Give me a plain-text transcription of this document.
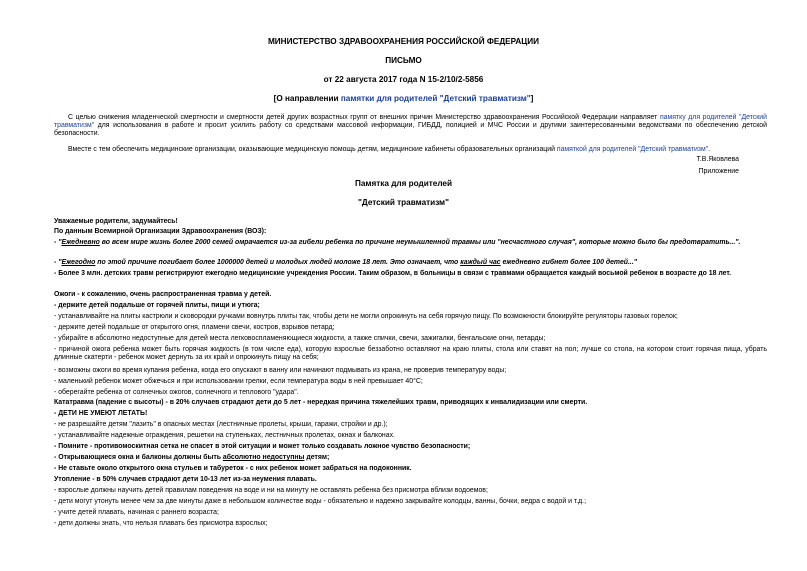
МИНИСТЕРСТВО ЗДРАВООХРАНЕНИЯ РОССИЙСКОЙ ФЕДЕРАЦИИ
ПИСЬМО
от 22 августа 2017 года N 15-2/10/2-5856
[О направлении памятки для родителей "Детский травматизм"]
С целью снижения младенческой смертности и смертности детей других возрастных групп от внешних причин Министерство здравоохранения Российской Федерации направляет памятку для родителей "Детский травматизм" для использования в работе и просит усилить работу со средствами массовой информации, ГИБДД, полицией и МЧС России и другими заинтересованными ведомствами по обеспечению детской безопасности.
Вместе с тем обеспечить медицинские организации, оказывающие медицинскую помощь детям, медицинские кабинеты образовательных организаций памяткой для родителей "Детский травматизм".
Т.В.Яковлева
Приложение
Памятка для родителей
"Детский травматизм"
Уважаемые родители, задумайтесь!
По данным Всемирной Организации Здравоохранения (ВОЗ):
- "Ежедневно во всем мире жизнь более 2000 семей омрачается из-за гибели ребенка по причине неумышленной травмы или "несчастного случая", которые можно было бы предотвратить...".
- "Ежегодно по этой причине погибает более 1000000 детей и молодых людей моложе 18 лет. Это означает, что каждый час ежедневно гибнет более 100 детей..."
- Более 3 млн. детских травм регистрируют ежегодно медицинские учреждения России. Таким образом, в больницы в связи с травмами обращается каждый восьмой ребенок в возрасте до 18 лет.
Ожоги - к сожалению, очень распространенная травма у детей.
- держите детей подальше от горячей плиты, пищи и утюга;
- устанавливайте на плиты кастрюли и сковородки ручками вовнутрь плиты так, чтобы дети не могли опрокинуть на себя горячую пищу. По возможности блокируйте регуляторы газовых горелок;
- держите детей подальше от открытого огня, пламени свечи, костров, взрывов петард;
- убирайте в абсолютно недоступные для детей места легковоспламеняющиеся жидкости, а также спички, свечи, зажигалки, бенгальские огни, петарды;
- причиной ожога ребенка может быть горячая жидкость (в том числе еда), которую взрослые беззаботно оставляют на краю плиты, стола или ставят на пол; лучше со стола, на котором стоит горячая пища, убрать длинные скатерти - ребенок может дернуть за их край и опрокинуть пищу на себя;
- возможны ожоги во время купания ребенка, когда его опускают в ванну или начинают подмывать из крана, не проверив температуру воды;
- маленький ребенок может обжечься и при использовании грелки, если температура воды в ней превышает 40°С;
- оберегайте ребенка от солнечных ожогов, солнечного и теплового "удара".
Кататравма (падение с высоты) - в 20% случаев страдают дети до 5 лет - нередкая причина тяжелейших травм, приводящих к инвалидизации или смерти.
- ДЕТИ НЕ УМЕЮТ ЛЕТАТЬ!
- не разрешайте детям "лазить" в опасных местах (лестничные пролеты, крыши, гаражи, стройки и др.);
- устанавливайте надежные ограждения, решетки на ступеньках, лестничных пролетах, окнах и балконах.
- Помните - противомоскитная сетка не спасет в этой ситуации и может только создавать ложное чувство безопасности;
- Открывающиеся окна и балконы должны быть абсолютно недоступны детям;
- Не ставьте около открытого окна стульев и табуреток - с них ребенок может забраться на подоконник.
Утопление - в 50% случаев страдают дети 10-13 лет из-за неумения плавать.
- взрослые должны научить детей правилам поведения на воде и ни на минуту не оставлять ребенка без присмотра вблизи водоемов;
- дети могут утонуть менее чем за две минуты даже в небольшом количестве воды - обязательно и надежно закрывайте колодцы, ванны, бочки, ведра с водой и т.д.;
- учите детей плавать, начиная с раннего возраста;
- дети должны знать, что нельзя плавать без присмотра взрослых;
